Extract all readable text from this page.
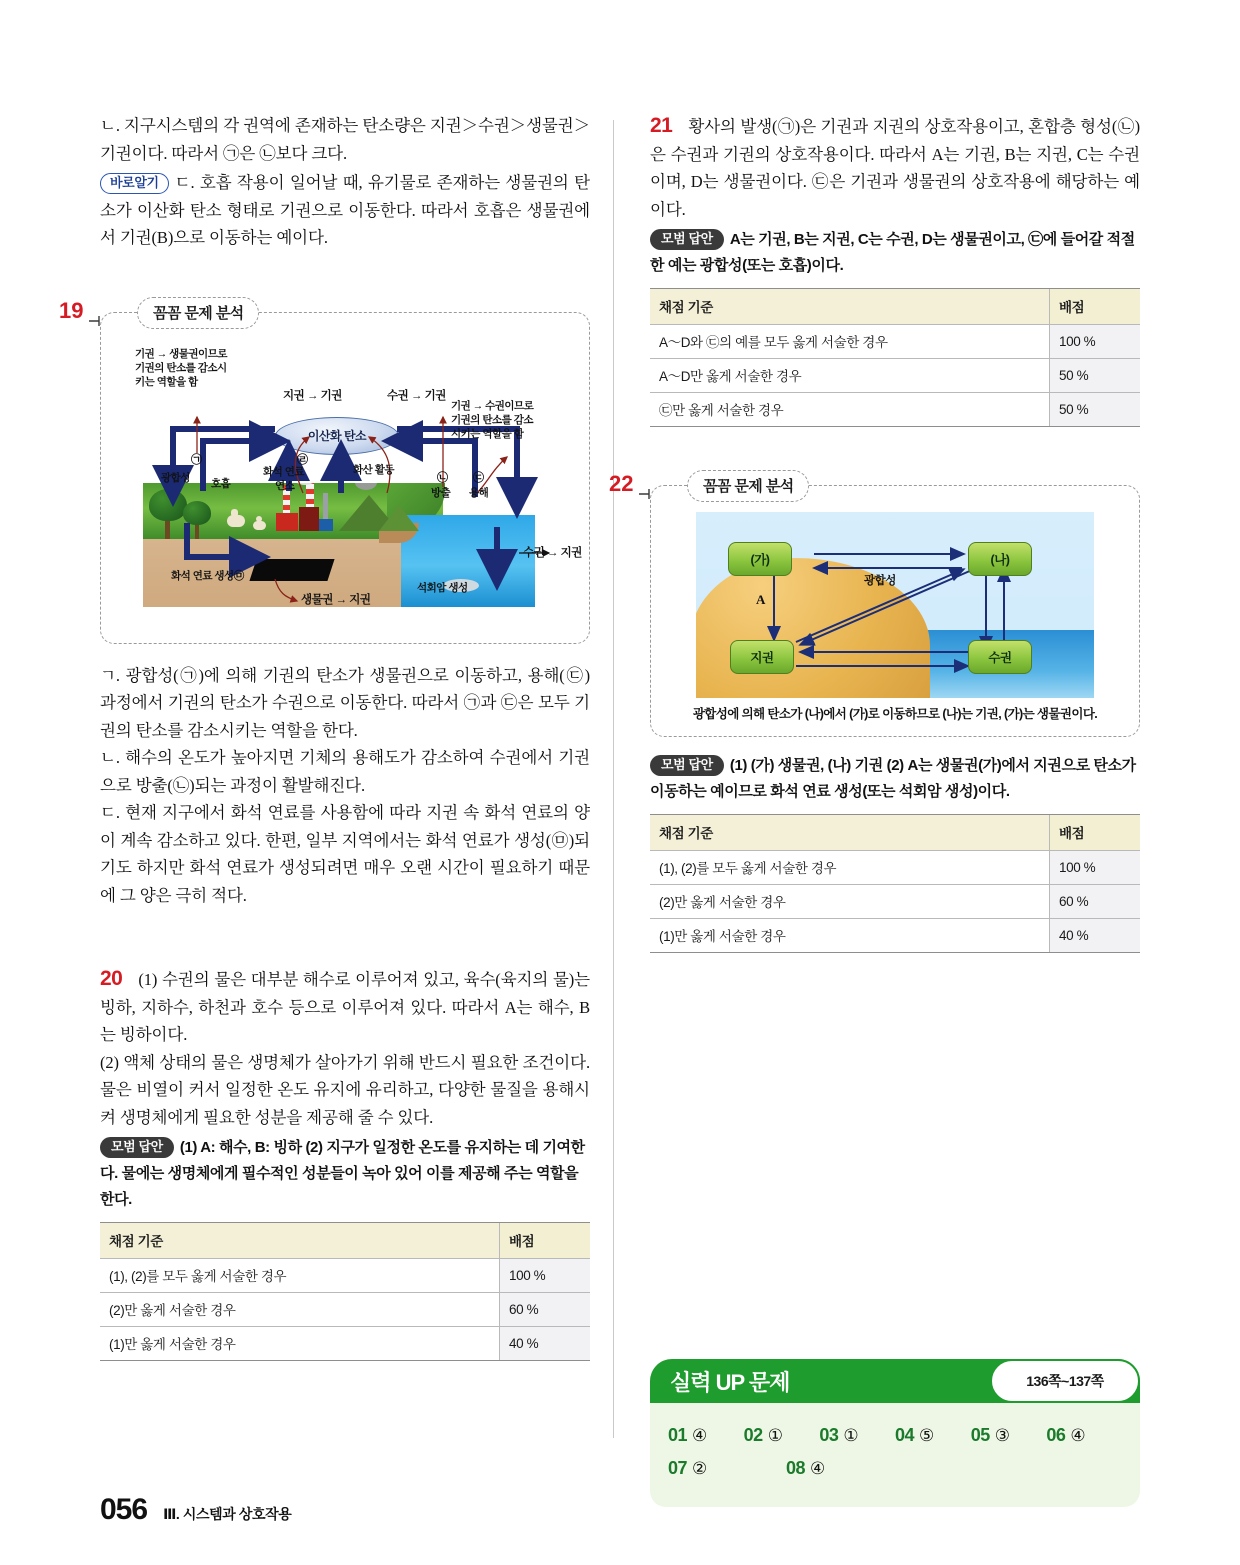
ㄴ. 지구시스템의 각 권역에 존재하는 탄소량은 지권＞수권＞생물권＞기권이다. 따라서 ㉠은 ㉡보다 크다.

바로알기 ㄷ. 호흡 작용이 일어날 때, 유기물로 존재하는 생물권의 탄소가 이산화 탄소 형태로 기권으로 이동한다. 따라서 호흡은 생물권에서 기권(B)으로 이동하는 예이다.

19	꼼꼼 문제 분석
이산화 탄소
기권 → 생물권이므로
기권의 탄소를 감소시
키는 역할을 함
기권 → 수권이므로
기권의 탄소를 감소
시키는 역할을 함
지권 → 기권	수권 → 기권
수권 → 지권
생물권 → 지권
㉠
광합성 호흡
㉣
화석 연료
연소
화산 활동
㉡
방출
㉢
용해
화석 연료 생성㉤
석회암 생성

ㄱ. 광합성(㉠)에 의해 기권의 탄소가 생물권으로 이동하고, 용해(㉢) 과정에서 기권의 탄소가 수권으로 이동한다. 따라서 ㉠과 ㉢은 모두 기권의 탄소를 감소시키는 역할을 한다.

ㄴ. 해수의 온도가 높아지면 기체의 용해도가 감소하여 수권에서 기권으로 방출(㉡)되는 과정이 활발해진다.

ㄷ. 현재 지구에서 화석 연료를 사용함에 따라 지권 속 화석 연료의 양이 계속 감소하고 있다. 한편, 일부 지역에서는 화석 연료가 생성(㉤)되기도 하지만 화석 연료가 생성되려면 매우 오랜 시간이 필요하기 때문에 그 양은 극히 적다.

20 (1) 수권의 물은 대부분 해수로 이루어져 있고, 육수(육지의 물)는 빙하, 지하수, 하천과 호수 등으로 이루어져 있다. 따라서 A는 해수, B는 빙하이다.

(2) 액체 상태의 물은 생명체가 살아가기 위해 반드시 필요한 조건이다. 물은 비열이 커서 일정한 온도 유지에 유리하고, 다양한 물질을 용해시켜 생명체에게 필요한 성분을 제공해 줄 수 있다.

모범 답안 (1) A: 해수, B: 빙하 (2) 지구가 일정한 온도를 유지하는 데 기여한다. 물에는 생명체에게 필수적인 성분들이 녹아 있어 이를 제공해 주는 역할을 한다.

채점 기준	배점
(1), (2)를 모두 옳게 서술한 경우	100 %
(2)만 옳게 서술한 경우	60 %
(1)만 옳게 서술한 경우	40 %

21 황사의 발생(㉠)은 기권과 지권의 상호작용이고, 혼합층 형성(㉡)은 수권과 기권의 상호작용이다. 따라서 A는 기권, B는 지권, C는 수권이며, D는 생물권이다. ㉢은 기권과 생물권의 상호작용에 해당하는 예이다.

모범 답안 A는 기권, B는 지권, C는 수권, D는 생물권이고, ㉢에 들어갈 적절한 예는 광합성(또는 호흡)이다.

채점 기준	배점
A～D와 ㉢의 예를 모두 옳게 서술한 경우	100 %
A～D만 옳게 서술한 경우	50 %
㉢만 옳게 서술한 경우	50 %
22	꼼꼼 문제 분석
(가)	(나)
지권	수권
광합성
A
광합성에 의해 탄소가 (나)에서 (가)로 이동하므로 (나)는 기권, (가)는 생물권이다.

모범 답안 (1) (가) 생물권, (나) 기권 (2) A는 생물권(가)에서 지권으로 탄소가 이동하는 예이므로 화석 연료 생성(또는 석회암 생성)이다.

채점 기준	배점
(1), (2)를 모두 옳게 서술한 경우	100 %
(2)만 옳게 서술한 경우	60 %
(1)만 옳게 서술한 경우	40 %
실력 UP 문제	136쪽~137쪽
01 ④	02 ①	03 ①	04 ⑤	05 ③	06 ④
07 ②	08 ④
056 Ⅲ. 시스템과 상호작용
